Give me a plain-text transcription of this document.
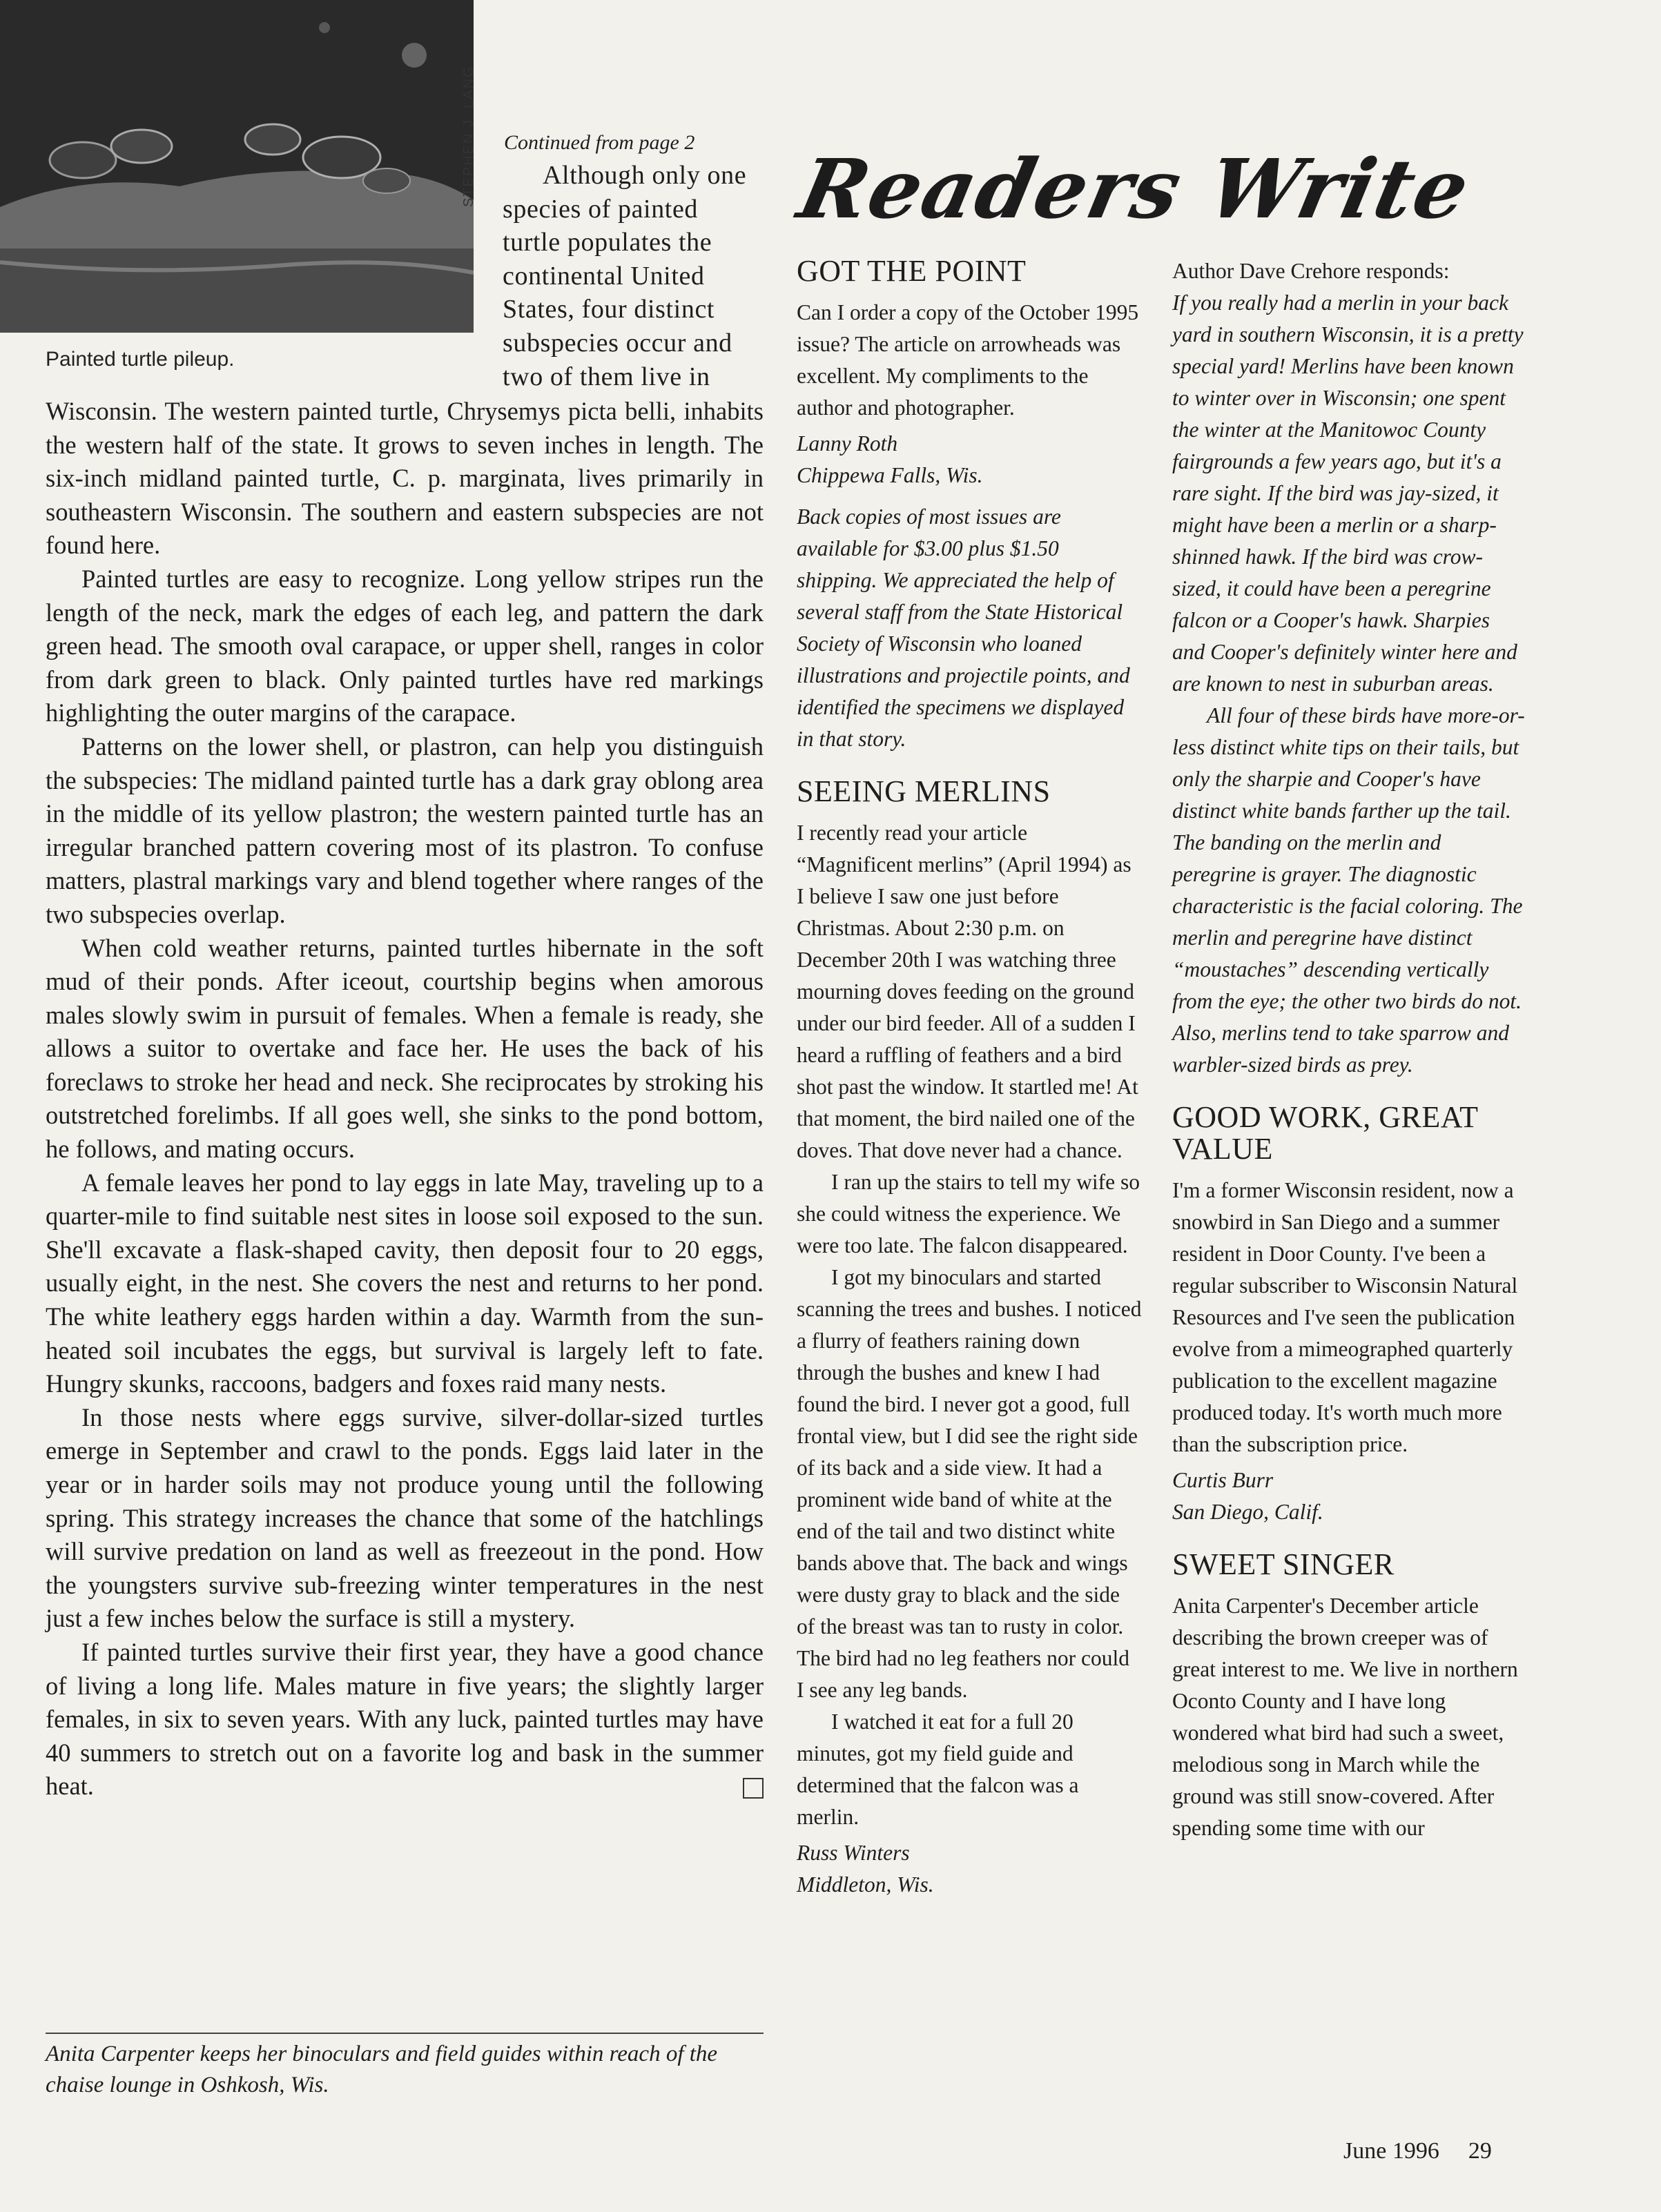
STEPHEN J. LANG
Painted turtle pileup.
Continued from page 2

Although only one

species of painted

turtle populates the

continental United

States, four distinct

subspecies occur and

two of them live in

Wisconsin. The western painted turtle, Chrysemys picta belli, inhabits the western half of the state. It grows to seven inches in length. The six-inch midland painted turtle, C. p. marginata, lives primarily in southeastern Wisconsin. The southern and eastern subspecies are not found here.

Painted turtles are easy to recognize. Long yellow stripes run the length of the neck, mark the edges of each leg, and pattern the dark green head. The smooth oval carapace, or upper shell, ranges in color from dark green to black. Only painted turtles have red markings highlighting the outer margins of the carapace.

Patterns on the lower shell, or plastron, can help you distinguish the subspecies: The midland painted turtle has a dark gray oblong area in the middle of its yellow plastron; the western painted turtle has an irregular branched pattern covering most of its plastron. To confuse matters, plastral markings vary and blend together where ranges of the two subspecies overlap.

When cold weather returns, painted turtles hibernate in the soft mud of their ponds. After iceout, courtship begins when amorous males slowly swim in pursuit of females. When a female is ready, she allows a suitor to overtake and face her. He uses the back of his foreclaws to stroke her head and neck. She reciprocates by stroking his outstretched forelimbs. If all goes well, she sinks to the pond bottom, he follows, and mating occurs.

A female leaves her pond to lay eggs in late May, traveling up to a quarter-mile to find suitable nest sites in loose soil exposed to the sun. She'll excavate a flask-shaped cavity, then deposit four to 20 eggs, usually eight, in the nest. She covers the nest and returns to her pond. The white leathery eggs harden within a day. Warmth from the sun-heated soil incubates the eggs, but survival is largely left to fate. Hungry skunks, raccoons, badgers and foxes raid many nests.

In those nests where eggs survive, silver-dollar-sized turtles emerge in September and crawl to the ponds. Eggs laid later in the year or in harder soils may not produce young until the following spring. This strategy increases the chance that some of the hatchlings will survive predation on land as well as freezeout in the pond. How the youngsters survive sub-freezing winter temperatures in the nest just a few inches below the surface is still a mystery.

If painted turtles survive their first year, they have a good chance of living a long life. Males mature in five years; the slightly larger females, in six to seven years. With any luck, painted turtles may have 40 summers to stretch out on a favorite log and bask in the summer heat.

Anita Carpenter keeps her binoculars and field guides within reach of the chaise lounge in Oshkosh, Wis.
Readers Write
GOT THE POINT

Can I order a copy of the October 1995 issue? The article on arrowheads was excellent. My compliments to the author and photographer.

Lanny Roth

Chippewa Falls, Wis.

Back copies of most issues are available for $3.00 plus $1.50 shipping. We appreciated the help of several staff from the State Historical Society of Wisconsin who loaned illustrations and projectile points, and identified the specimens we displayed in that story.

SEEING MERLINS

I recently read your article “Magnificent merlins” (April 1994) as I believe I saw one just before Christmas. About 2:30 p.m. on December 20th I was watching three mourning doves feeding on the ground under our bird feeder. All of a sudden I heard a ruffling of feathers and a bird shot past the window. It startled me! At that moment, the bird nailed one of the doves. That dove never had a chance.

I ran up the stairs to tell my wife so she could witness the experience. We were too late. The falcon disappeared.

I got my binoculars and started scanning the trees and bushes. I noticed a flurry of feathers raining down through the bushes and knew I had found the bird. I never got a good, full frontal view, but I did see the right side of its back and a side view. It had a prominent wide band of white at the end of the tail and two distinct white bands above that. The back and wings were dusty gray to black and the side of the breast was tan to rusty in color. The bird had no leg feathers nor could I see any leg bands.

I watched it eat for a full 20 minutes, got my field guide and determined that the falcon was a merlin.

Russ Winters

Middleton, Wis.

Author Dave Crehore responds:

If you really had a merlin in your back yard in southern Wisconsin, it is a pretty special yard! Merlins have been known to winter over in Wisconsin; one spent the winter at the Manitowoc County fairgrounds a few years ago, but it's a rare sight. If the bird was jay-sized, it might have been a merlin or a sharp-shinned hawk. If the bird was crow-sized, it could have been a peregrine falcon or a Cooper's hawk. Sharpies and Cooper's definitely winter here and are known to nest in suburban areas.

All four of these birds have more-or-less distinct white tips on their tails, but only the sharpie and Cooper's have distinct white bands farther up the tail. The banding on the merlin and peregrine is grayer. The diagnostic characteristic is the facial coloring. The merlin and peregrine have distinct “moustaches” descending vertically from the eye; the other two birds do not. Also, merlins tend to take sparrow and warbler-sized birds as prey.

GOOD WORK, GREAT VALUE

I'm a former Wisconsin resident, now a snowbird in San Diego and a summer resident in Door County. I've been a regular subscriber to Wisconsin Natural Resources and I've seen the publication evolve from a mimeographed quarterly publication to the excellent magazine produced today. It's worth much more than the subscription price.

Curtis Burr

San Diego, Calif.

SWEET SINGER

Anita Carpenter's December article describing the brown creeper was of great interest to me. We live in northern Oconto County and I have long wondered what bird had such a sweet, melodious song in March while the ground was still snow-covered. After spending some time with our

June 1996 29
